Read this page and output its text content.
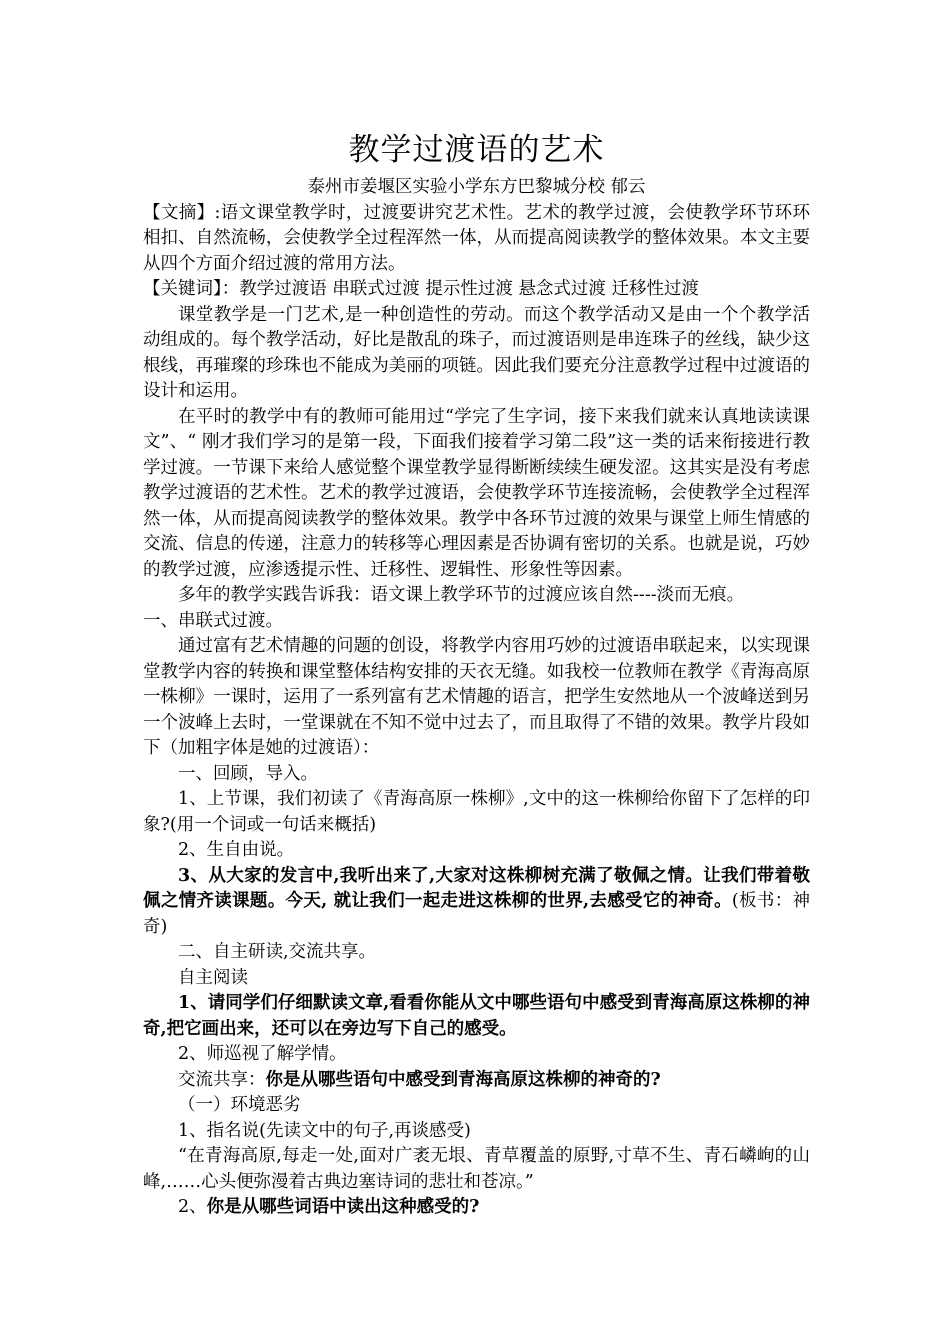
教学过渡语的艺术

泰州市姜堰区实验小学东方巴黎城分校 郁云

【文摘】:语文课堂教学时，过渡要讲究艺术性。艺术的教学过渡，会使教学环节环环相扣、自然流畅，会使教学全过程浑然一体，从而提高阅读教学的整体效果。本文主要从四个方面介绍过渡的常用方法。

【关键词】：教学过渡语 串联式过渡 提示性过渡 悬念式过渡 迁移性过渡

课堂教学是一门艺术,是一种创造性的劳动。而这个教学活动又是由一个个教学活动组成的。每个教学活动，好比是散乱的珠子，而过渡语则是串连珠子的丝线，缺少这根线，再璀璨的珍珠也不能成为美丽的项链。因此我们要充分注意教学过程中过渡语的设计和运用。

在平时的教学中有的教师可能用过“学完了生字词，接下来我们就来认真地读读课文”、“ 刚才我们学习的是第一段，下面我们接着学习第二段”这一类的话来衔接进行教学过渡。一节课下来给人感觉整个课堂教学显得断断续续生硬发涩。这其实是没有考虑教学过渡语的艺术性。艺术的教学过渡语，会使教学环节连接流畅，会使教学全过程浑然一体，从而提高阅读教学的整体效果。教学中各环节过渡的效果与课堂上师生情感的交流、信息的传递，注意力的转移等心理因素是否协调有密切的关系。也就是说，巧妙的教学过渡，应渗透提示性、迁移性、逻辑性、形象性等因素。

多年的教学实践告诉我：语文课上教学环节的过渡应该自然----淡而无痕。

一、串联式过渡。

通过富有艺术情趣的问题的创设，将教学内容用巧妙的过渡语串联起来，以实现课堂教学内容的转换和课堂整体结构安排的天衣无缝。如我校一位教师在教学《青海高原一株柳》一课时，运用了一系列富有艺术情趣的语言，把学生安然地从一个波峰送到另一个波峰上去时，一堂课就在不知不觉中过去了，而且取得了不错的效果。教学片段如下（加粗字体是她的过渡语）：

一、回顾，导入。

1、上节课，我们初读了《青海高原一株柳》,文中的这一株柳给你留下了怎样的印象?(用一个词或一句话来概括)

2、生自由说。

3、从大家的发言中,我听出来了,大家对这株柳树充满了敬佩之情。让我们带着敬佩之情齐读课题。今天, 就让我们一起走进这株柳的世界,去感受它的神奇。(板书：神奇)

二、自主研读,交流共享。

自主阅读

1、请同学们仔细默读文章,看看你能从文中哪些语句中感受到青海高原这株柳的神奇,把它画出来，还可以在旁边写下自己的感受。

2、师巡视了解学情。

交流共享：你是从哪些语句中感受到青海高原这株柳的神奇的?

（一）环境恶劣

1、指名说(先读文中的句子,再谈感受)

“在青海高原,每走一处,面对广袤无垠、青草覆盖的原野,寸草不生、青石嶙峋的山峰,……心头便弥漫着古典边塞诗词的悲壮和苍凉。”

2、你是从哪些词语中读出这种感受的?
